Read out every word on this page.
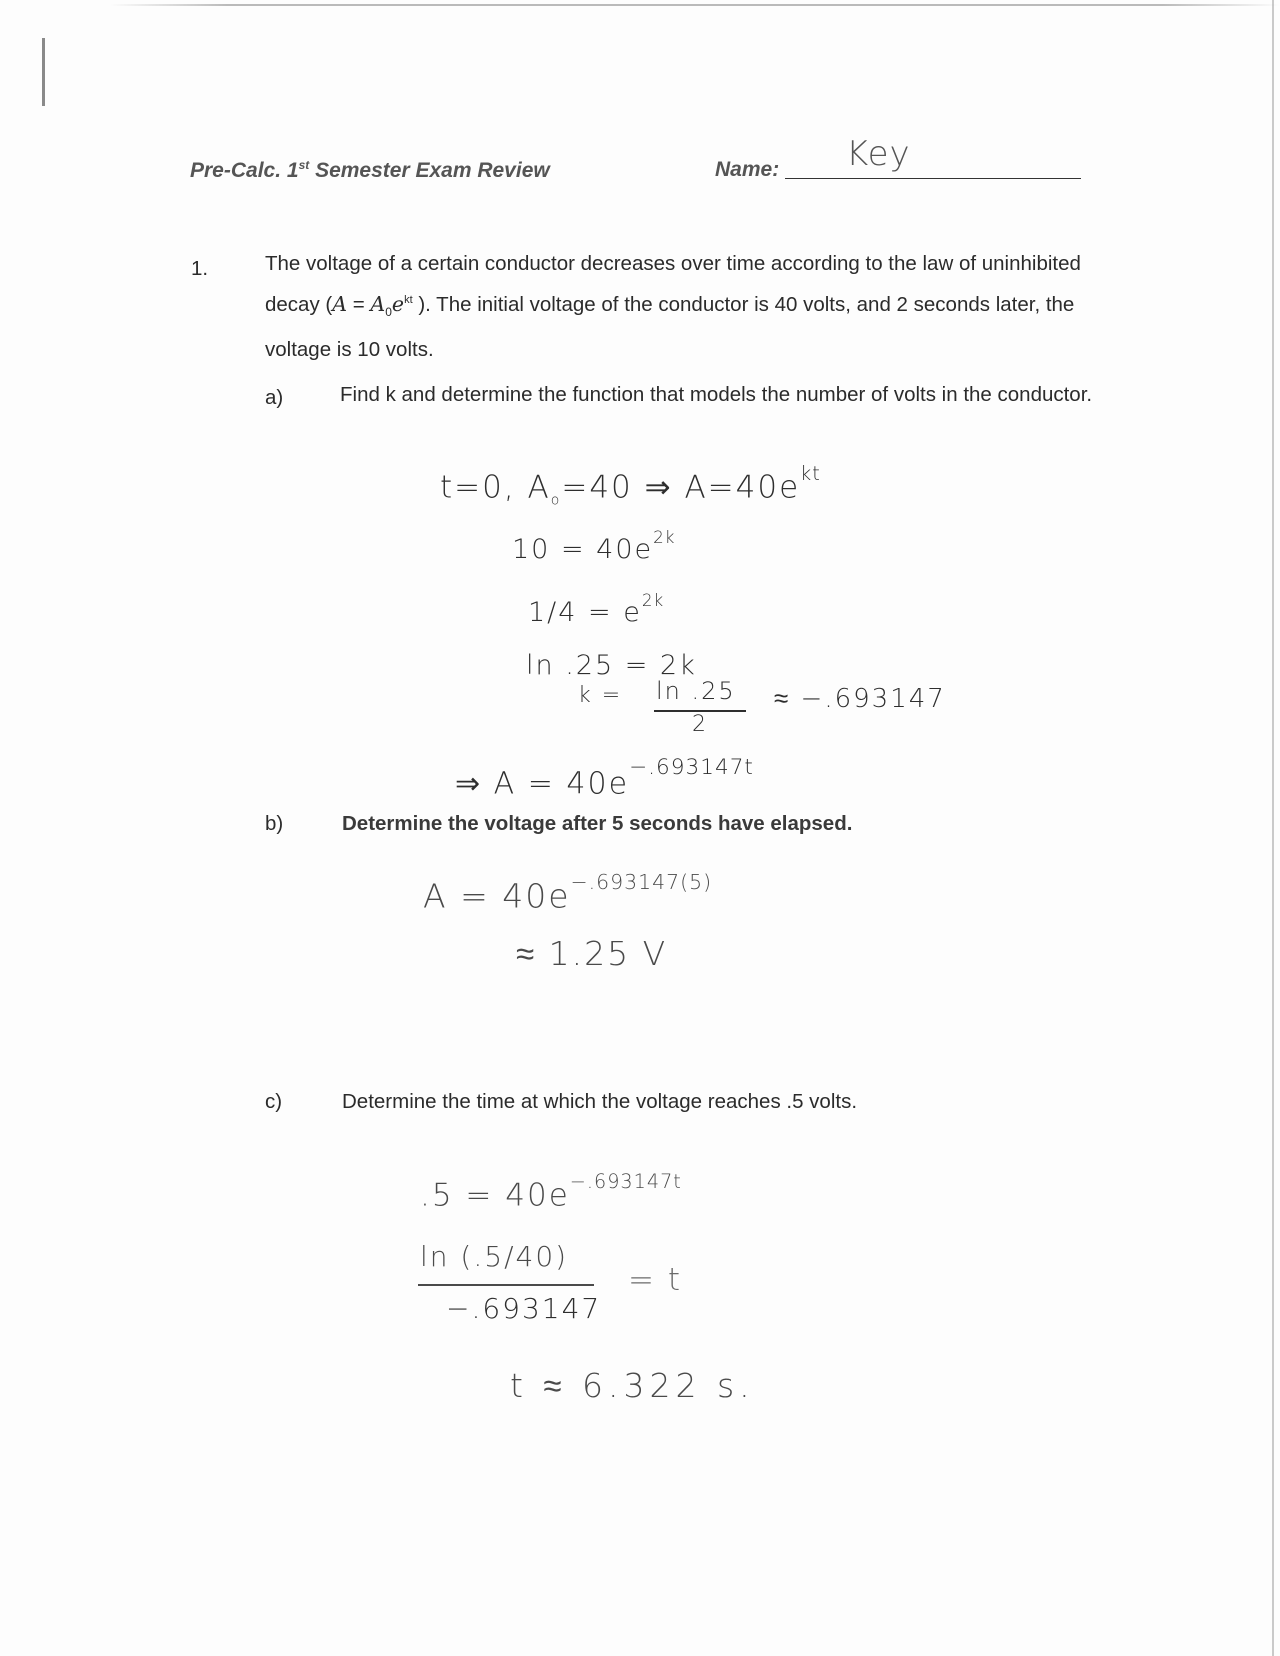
Pre-Calc. 1st Semester Exam Review	Name: Key
1.	The voltage of a certain conductor decreases over time according to the law of uninhibited decay ($A = A_0e^{kt}$ ). The initial voltage of the conductor is 40 volts, and 2 seconds later, the voltage is 10 volts.
a)	Find k and determine the function that models the number of volts in the conductor.
t=0, $A_o=40$ ⇒ $A=40e^{kt}$
$10 = 40e^{2k}$
$1/4 = e^{2k}$
ln .25 = 2k
k = ln .25
2
≈ −.693147
⇒ $A = 40e^{-.693147t}$
b)	Determine the voltage after 5 seconds have elapsed.
$A = 40e^{-.693147(5)}$
≈ 1.25 V
c)	Determine the time at which the voltage reaches .5 volts.
$.5 = 40e^{-.693147t}$
ln (.5/40)
−.693147
= t
t ≈ 6.322 s.
